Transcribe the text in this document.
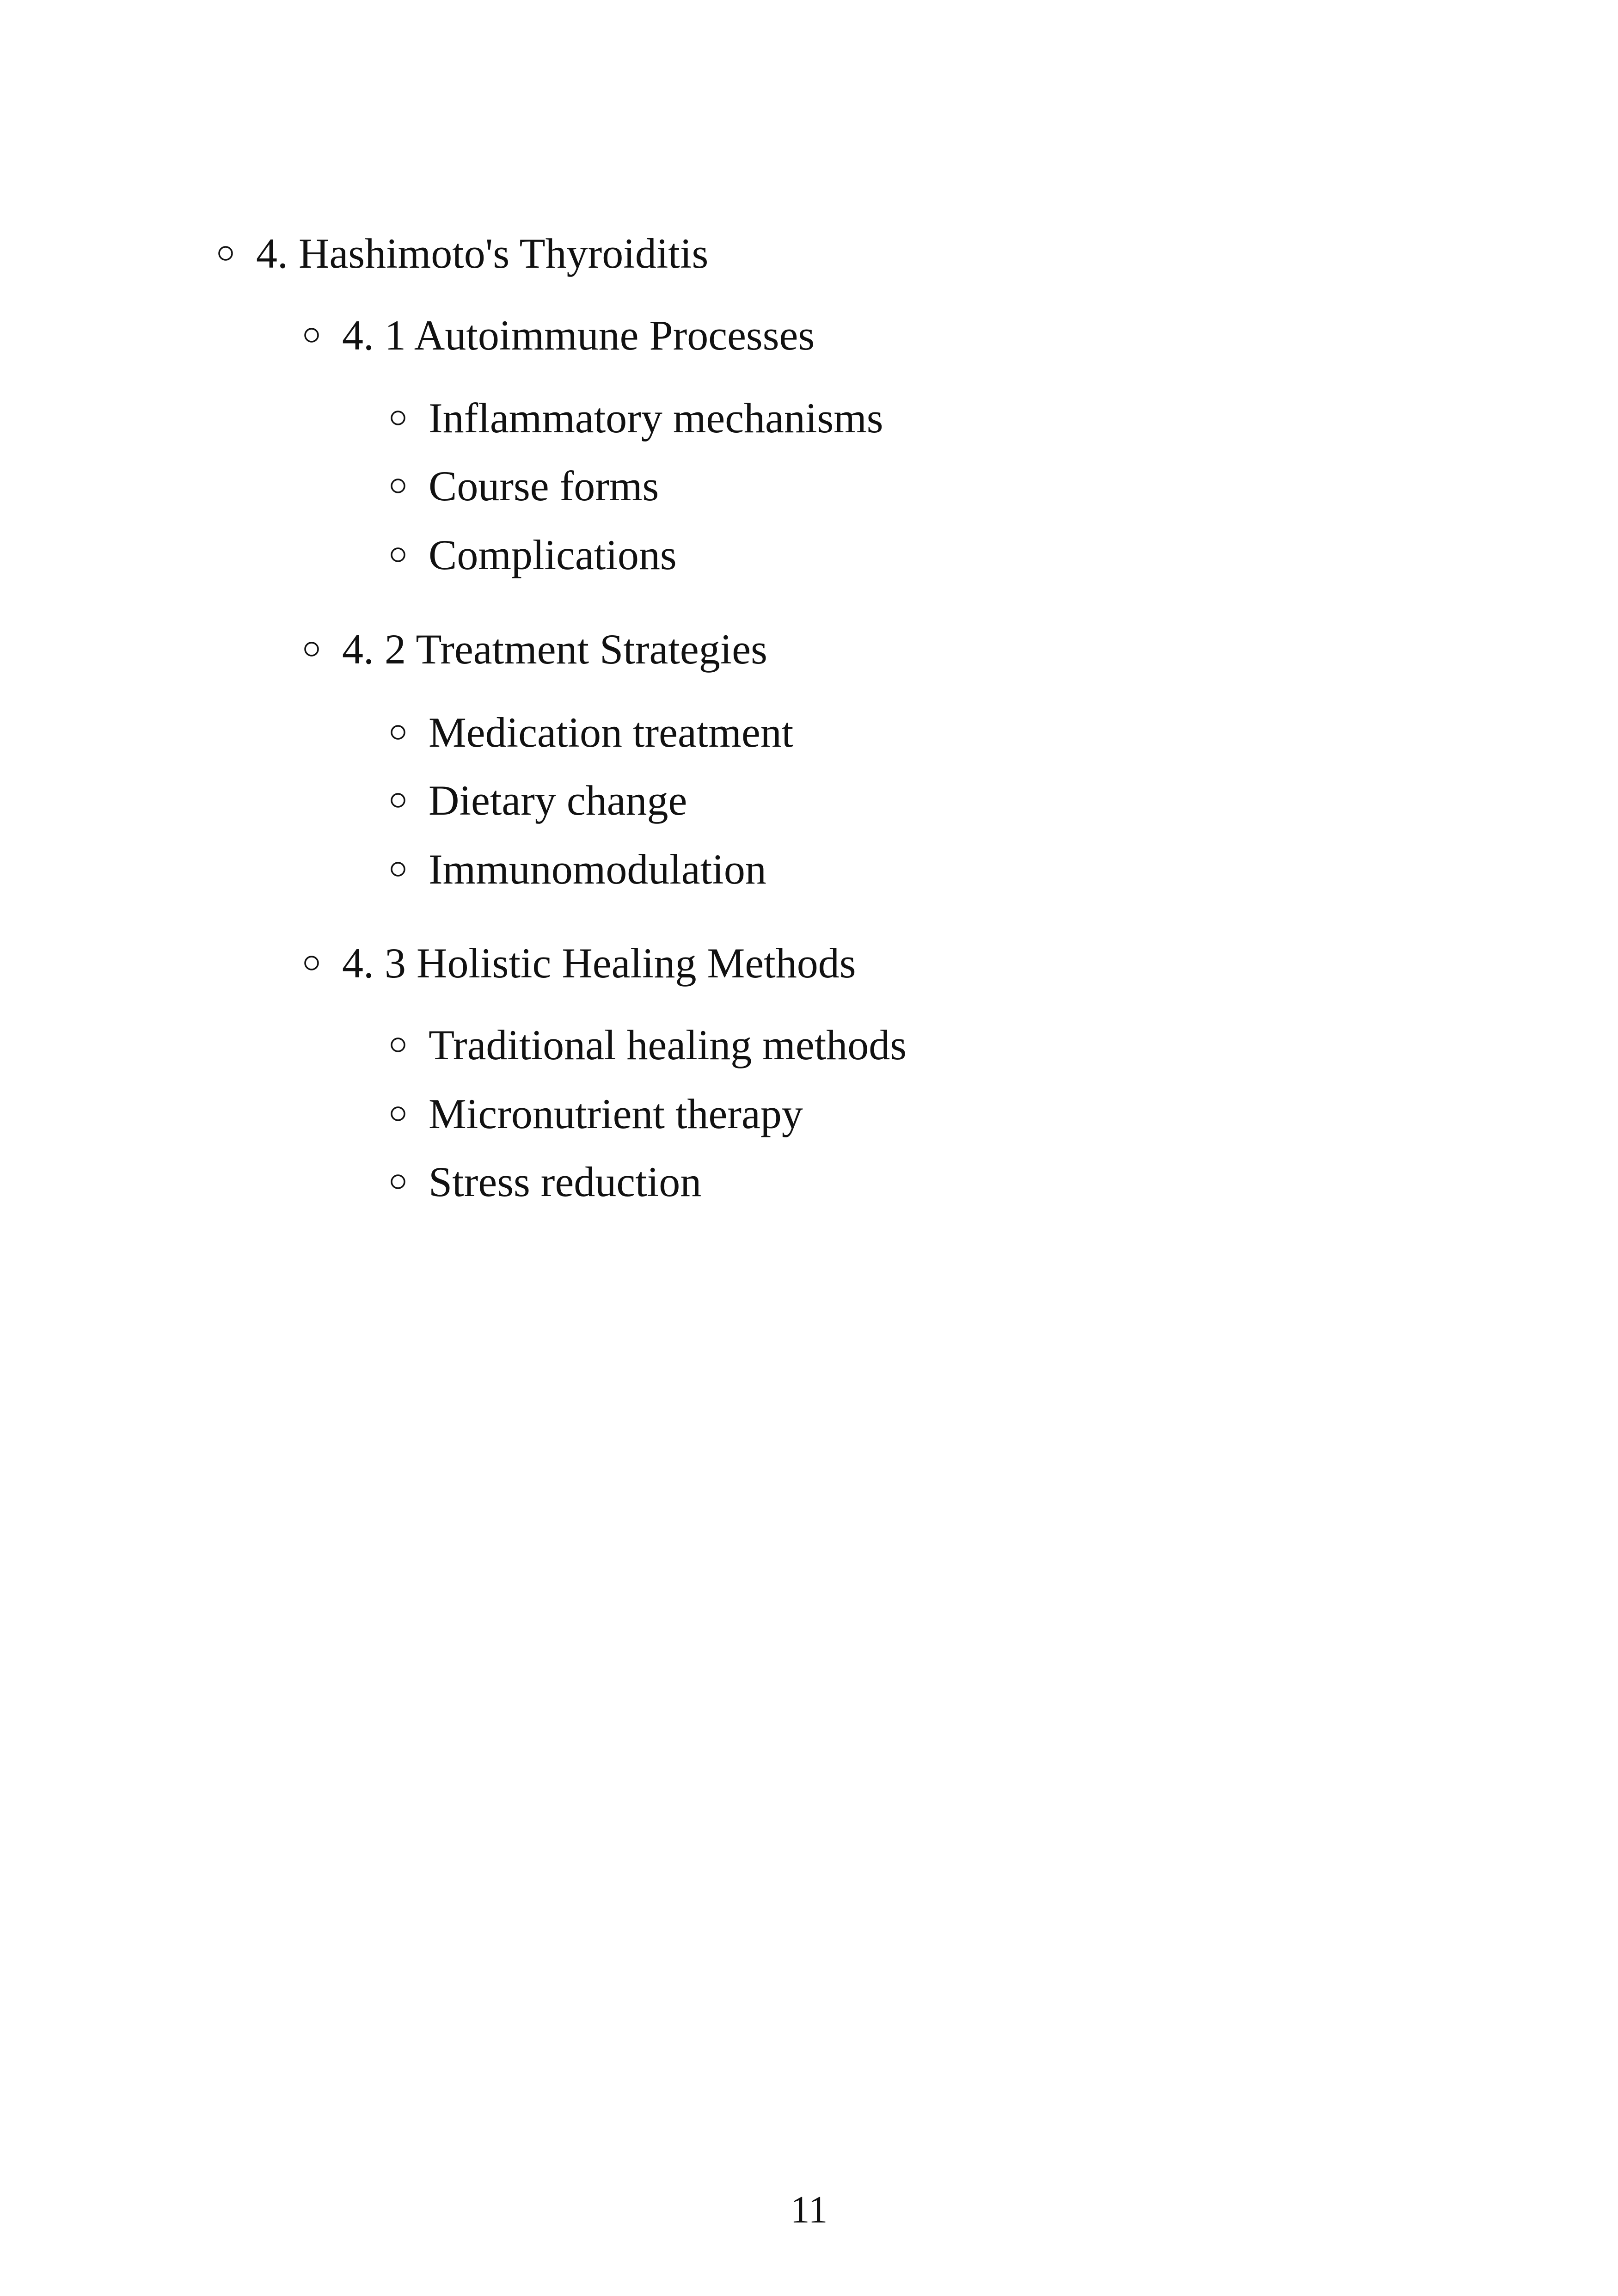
4. Hashimoto's Thyroiditis
4. 1 Autoimmune Processes
Inflammatory mechanisms
Course forms
Complications
4. 2 Treatment Strategies
Medication treatment
Dietary change
Immunomodulation
4. 3 Holistic Healing Methods
Traditional healing methods
Micronutrient therapy
Stress reduction
11
